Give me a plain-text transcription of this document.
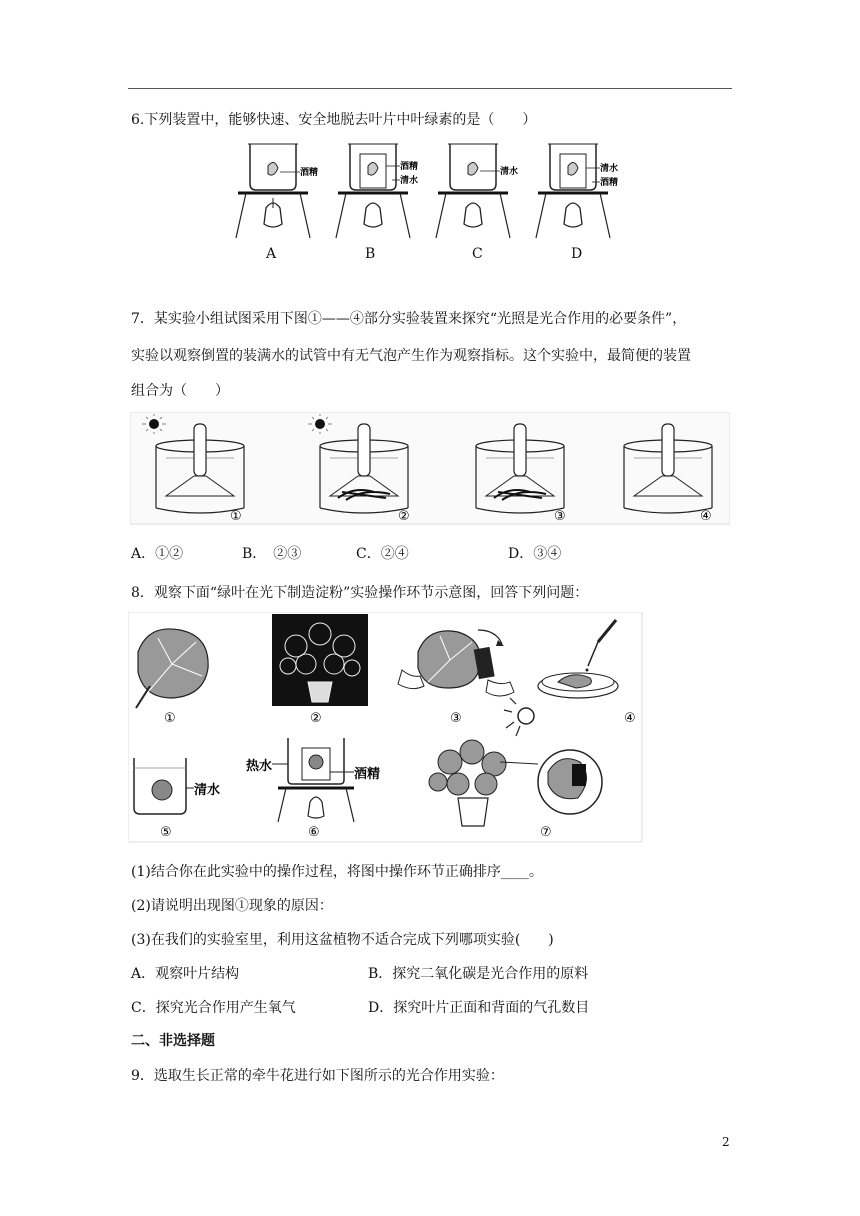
6.下列装置中，能够快速、安全地脱去叶片中叶绿素的是（　　）
酒精
酒精
清水
清水	清水
酒精
A	B	C	D
7．某实验小组试图采用下图①——④部分实验装置来探究“光照是光合作用的必要条件”，
实验以观察倒置的装满水的试管中有无气泡产生作为观察指标。这个实验中，最简便的装置
组合为（　　）
①	②	③	④
A．①②	B．　②③	C．②④	D．③④
8．观察下面“绿叶在光下制造淀粉”实验操作环节示意图，回答下列问题：
①	②	③	④
清水
⑤
热水
酒精
⑥	⑦
(1)结合你在此实验中的操作过程，将图中操作环节正确排序____。
(2)请说明出现图①现象的原因：
(3)在我们的实验室里，利用这盆植物不适合完成下列哪项实验(　　)
A．观察叶片结构	B．探究二氧化碳是光合作用的原料
C．探究光合作用产生氧气	D．探究叶片正面和背面的气孔数目
二、非选择题
9．选取生长正常的牵牛花进行如下图所示的光合作用实验：
2
